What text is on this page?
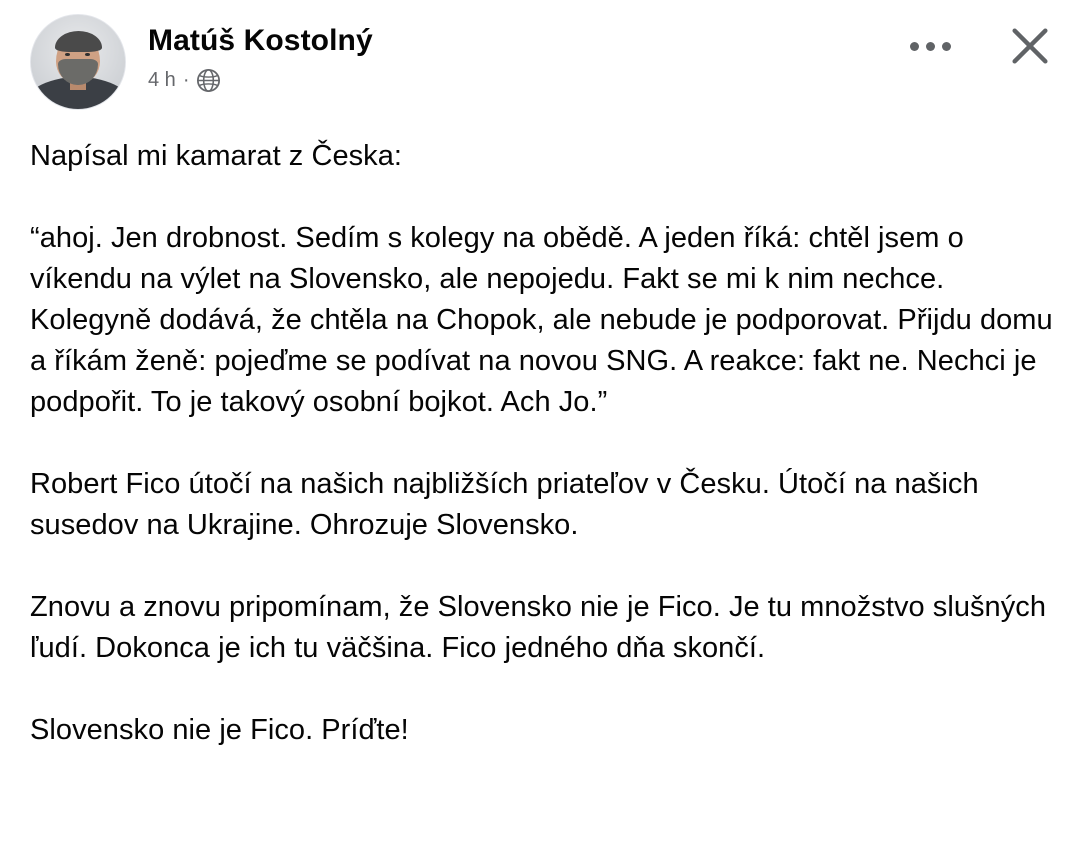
Matúš Kostolný
4 h ·

Napísal mi kamarat z Česka:

“ahoj. Jen drobnost. Sedím s kolegy na obědě. A jeden říká: chtěl jsem o víkendu na výlet na Slovensko, ale nepojedu. Fakt se mi k nim nechce. Kolegyně dodává, že chtěla na Chopok, ale nebude je podporovat. Přijdu domu a říkám ženě: pojeďme se podívat na novou SNG. A reakce: fakt ne. Nechci je podpořit. To je takový osobní bojkot. Ach Jo.”

Robert Fico útočí na našich najbližších priateľov v Česku. Útočí na našich susedov na Ukrajine. Ohrozuje Slovensko.

Znovu a znovu pripomínam, že Slovensko nie je Fico. Je tu množstvo slušných ľudí. Dokonca je ich tu väčšina. Fico jedného dňa skončí.

Slovensko nie je Fico. Príďte!
